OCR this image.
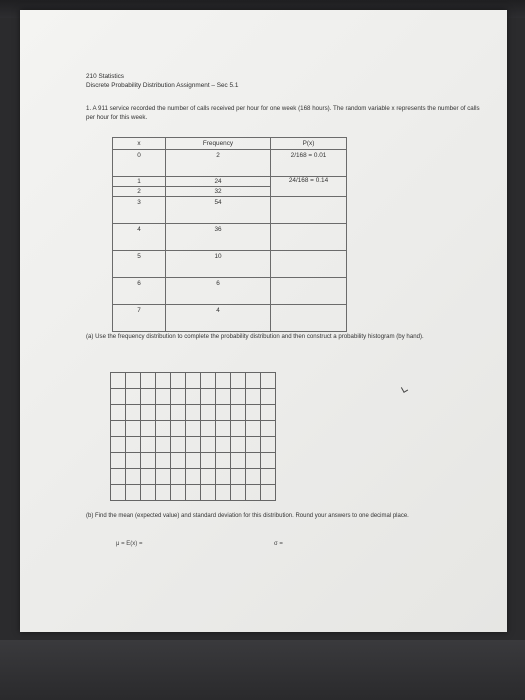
210 Statistics
Discrete Probability Distribution Assignment – Sec 5.1
1. A 911 service recorded the number of calls received per hour for one week (168 hours). The random variable x represents the number of calls per hour for this week.
x	Frequency	P(x)
0	2	2/168 = 0.01
1	24	24/168 = 0.14
2	32	
3	54	
4	36	
5	10	
6	6	
7	4	
(a) Use the frequency distribution to complete the probability distribution and then construct a probability histogram (by hand).

(b) Find the mean (expected value) and standard deviation for this distribution. Round your answers to one decimal place.
μ = E(x) =	σ =
